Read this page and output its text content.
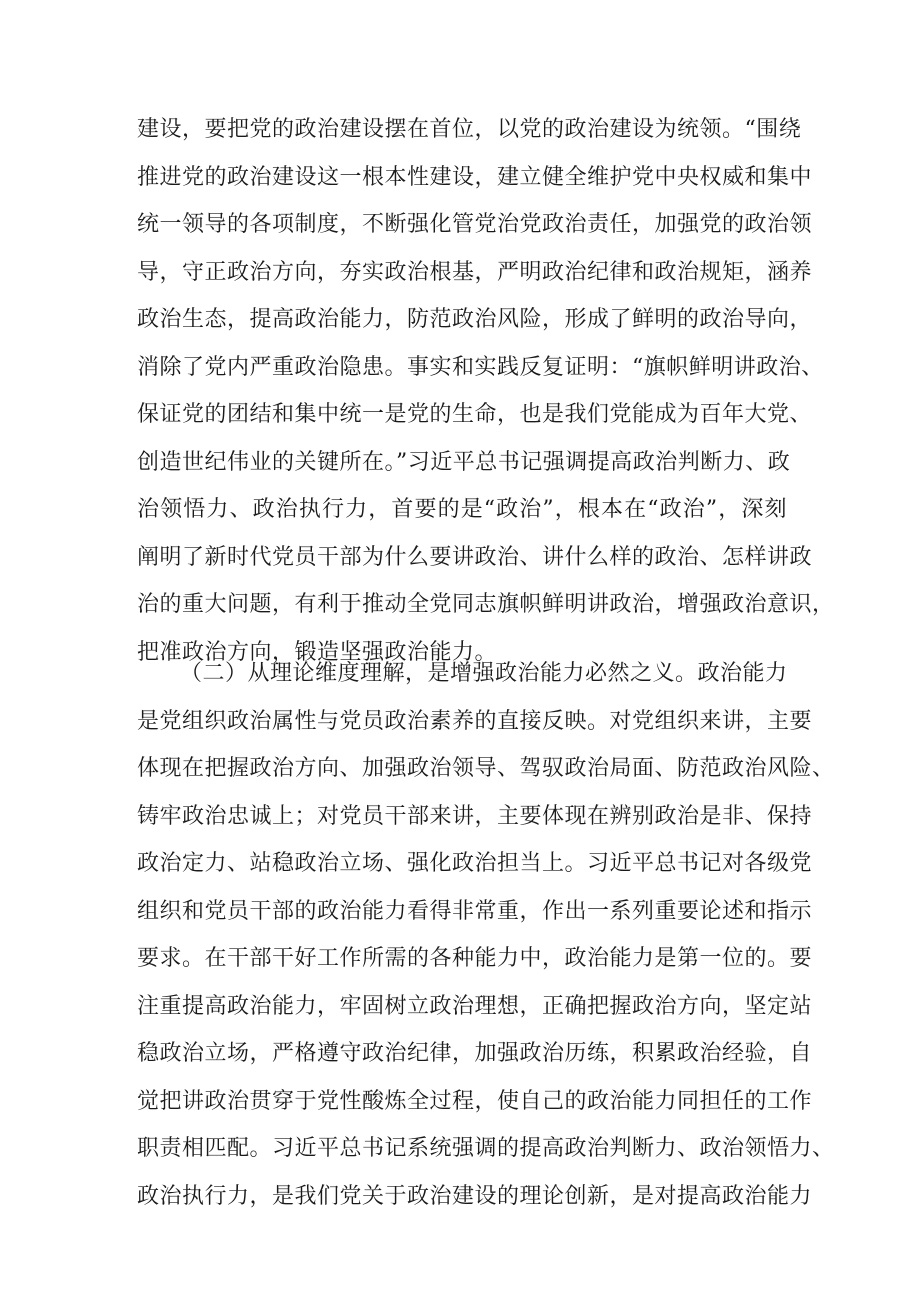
建设，要把党的政治建设摆在首位，以党的政治建设为统领。“围绕
推进党的政治建设这一根本性建设，建立健全维护党中央权威和集中
统一领导的各项制度，不断强化管党治党政治责任，加强党的政治领
导，守正政治方向，夯实政治根基，严明政治纪律和政治规矩，涵养
政治生态，提高政治能力，防范政治风险，形成了鲜明的政治导向，
消除了党内严重政治隐患。事实和实践反复证明：“旗帜鲜明讲政治、
保证党的团结和集中统一是党的生命，也是我们党能成为百年大党、
创造世纪伟业的关键所在。”习近平总书记强调提高政治判断力、政
治领悟力、政治执行力，首要的是“政治”，根本在“政治”，深刻
阐明了新时代党员干部为什么要讲政治、讲什么样的政治、怎样讲政
治的重大问题，有利于推动全党同志旗帜鲜明讲政治，增强政治意识，
把准政治方向，锻造坚强政治能力。
（二）从理论维度理解，是增强政治能力必然之义。政治能力
是党组织政治属性与党员政治素养的直接反映。对党组织来讲，主要
体现在把握政治方向、加强政治领导、驾驭政治局面、防范政治风险、
铸牢政治忠诚上；对党员干部来讲，主要体现在辨别政治是非、保持
政治定力、站稳政治立场、强化政治担当上。习近平总书记对各级党
组织和党员干部的政治能力看得非常重，作出一系列重要论述和指示
要求。在干部干好工作所需的各种能力中，政治能力是第一位的。要
注重提高政治能力，牢固树立政治理想，正确把握政治方向，坚定站
稳政治立场，严格遵守政治纪律，加强政治历练，积累政治经验，自
觉把讲政治贯穿于党性酸炼全过程，使自己的政治能力同担任的工作
职责相匹配。习近平总书记系统强调的提高政治判断力、政治领悟力、
政治执行力，是我们党关于政治建设的理论创新，是对提高政治能力
